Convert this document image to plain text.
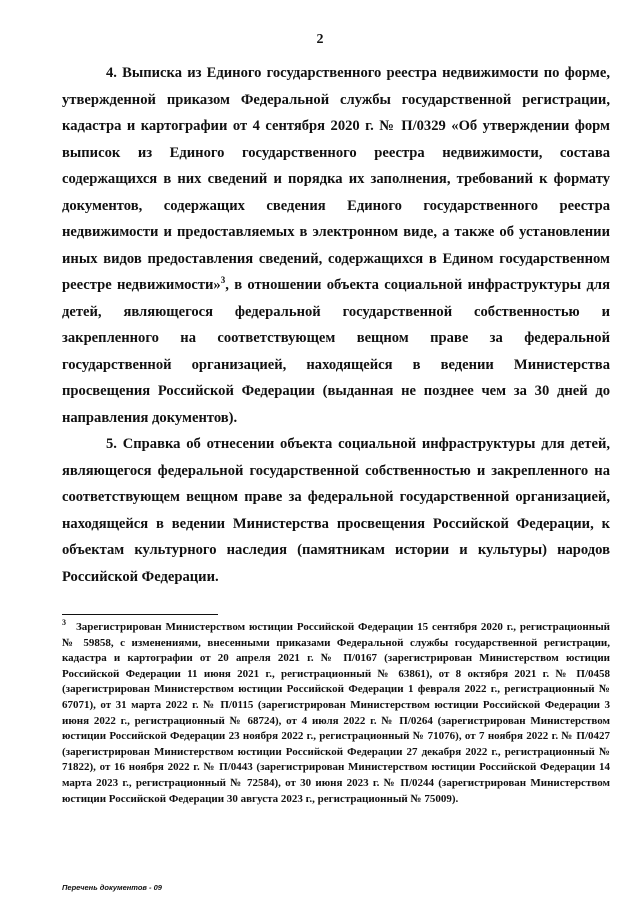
2

4. Выписка из Единого государственного реестра недвижимости по форме, утвержденной приказом Федеральной службы государственной регистрации, кадастра и картографии от 4 сентября 2020 г. № П/0329 «Об утверждении форм выписок из Единого государственного реестра недвижимости, состава содержащихся в них сведений и порядка их заполнения, требований к формату документов, содержащих сведения Единого государственного реестра недвижимости и предоставляемых в электронном виде, а также об установлении иных видов предоставления сведений, содержащихся в Едином государственном реестре недвижимости»$^3$, в отношении объекта социальной инфраструктуры для детей, являющегося федеральной государственной собственностью и закрепленного на соответствующем вещном праве за федеральной государственной организацией, находящейся в ведении Министерства просвещения Российской Федерации (выданная не позднее чем за 30 дней до направления документов).

5. Справка об отнесении объекта социальной инфраструктуры для детей, являющегося федеральной государственной собственностью и закрепленного на соответствующем вещном праве за федеральной государственной организацией, находящейся в ведении Министерства просвещения Российской Федерации, к объектам культурного наследия (памятникам истории и культуры) народов Российской Федерации.

$^3$ Зарегистрирован Министерством юстиции Российской Федерации 15 сентября 2020 г., регистрационный № 59858, с изменениями, внесенными приказами Федеральной службы государственной регистрации, кадастра и картографии от 20 апреля 2021 г. № П/0167 (зарегистрирован Министерством юстиции Российской Федерации 11 июня 2021 г., регистрационный № 63861), от 8 октября 2021 г. № П/0458 (зарегистрирован Министерством юстиции Российской Федерации 1 февраля 2022 г., регистрационный № 67071), от 31 марта 2022 г. № П/0115 (зарегистрирован Министерством юстиции Российской Федерации 3 июня 2022 г., регистрационный № 68724), от 4 июля 2022 г. № П/0264 (зарегистрирован Министерством юстиции Российской Федерации 23 ноября 2022 г., регистрационный № 71076), от 7 ноября 2022 г. № П/0427 (зарегистрирован Министерством юстиции Российской Федерации 27 декабря 2022 г., регистрационный № 71822), от 16 ноября 2022 г. № П/0443 (зарегистрирован Министерством юстиции Российской Федерации 14 марта 2023 г., регистрационный № 72584), от 30 июня 2023 г. № П/0244 (зарегистрирован Министерством юстиции Российской Федерации 30 августа 2023 г., регистрационный № 75009).
Перечень документов - 09
